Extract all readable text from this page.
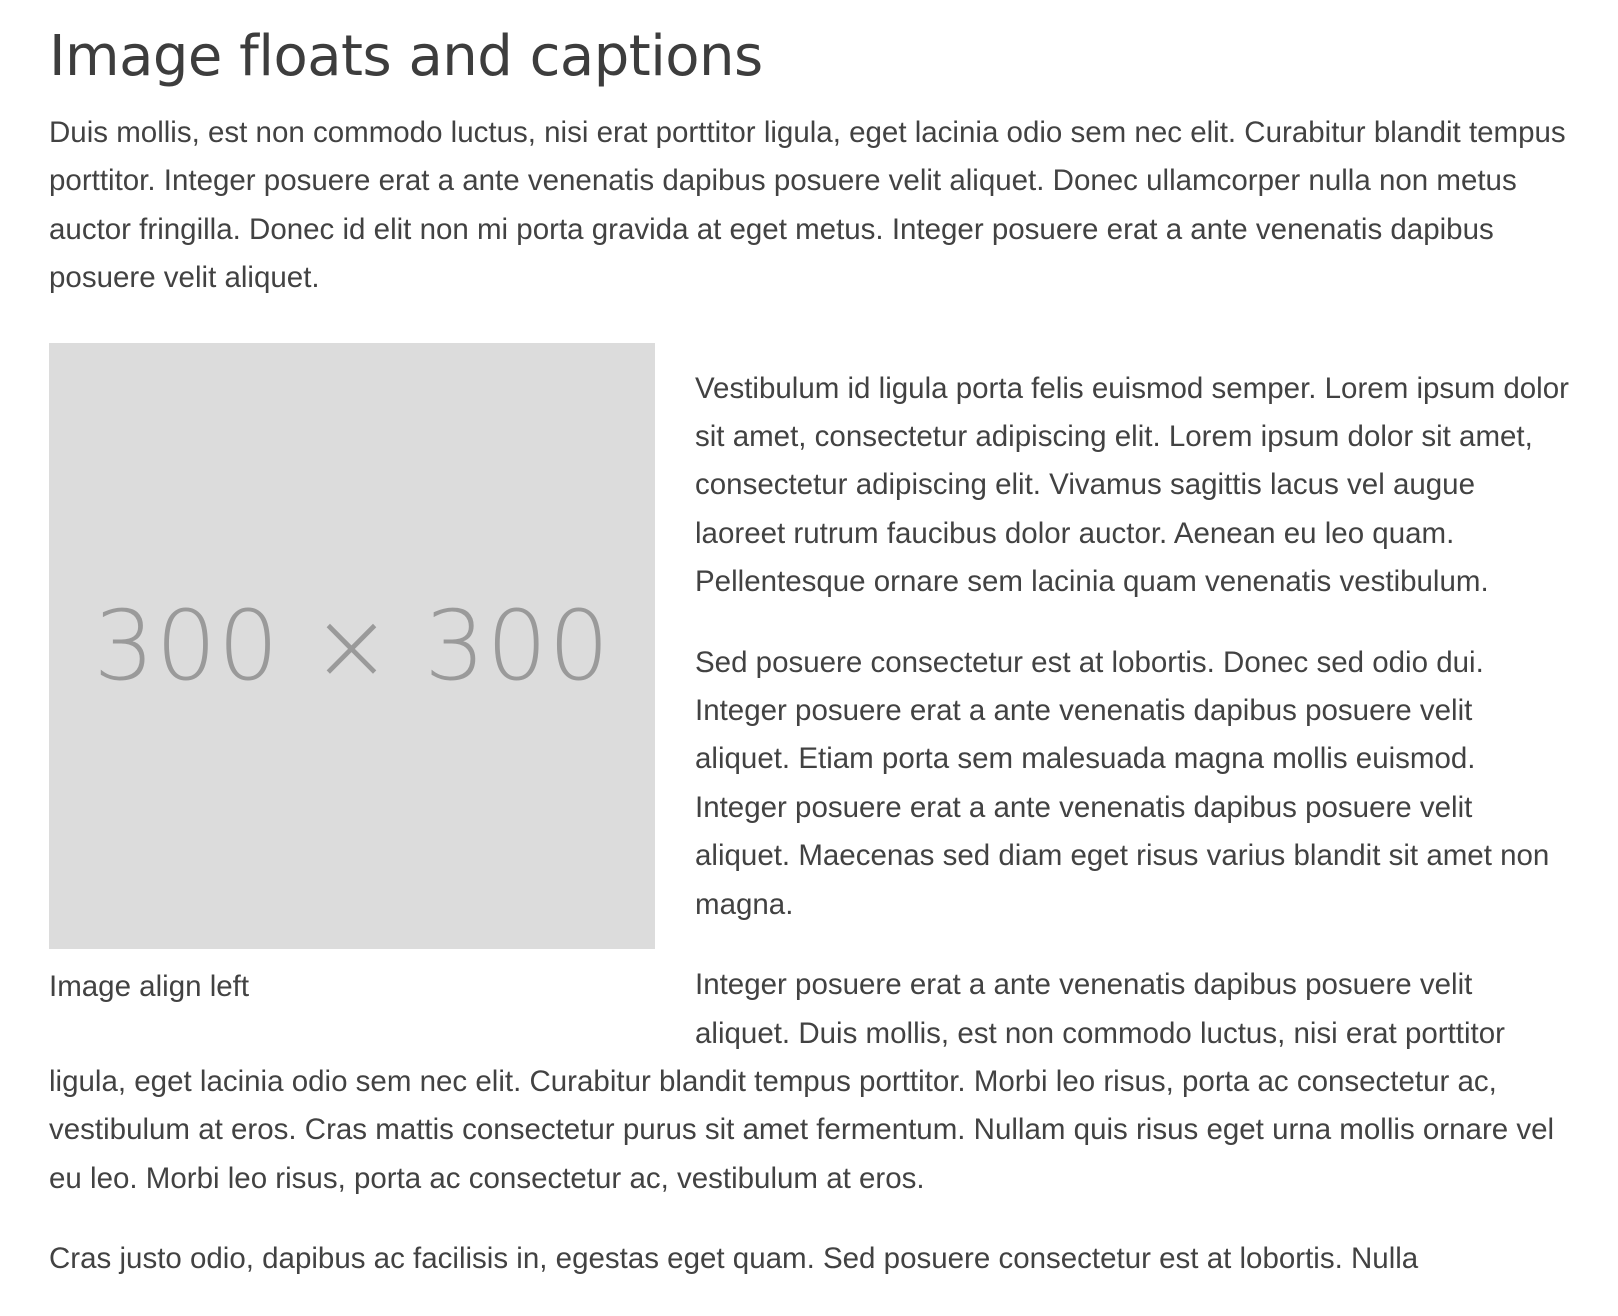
Image floats and captions

Duis mollis, est non commodo luctus, nisi erat porttitor ligula, eget lacinia odio sem nec elit. Curabitur blandit tempus porttitor. Integer posuere erat a ante venenatis dapibus posuere velit aliquet. Donec ullamcorper nulla non metus auctor fringilla. Donec id elit non mi porta gravida at eget metus. Integer posuere erat a ante venenatis dapibus posuere velit aliquet.

300 × 300
Image align left

Vestibulum id ligula porta felis euismod semper. Lorem ipsum dolor sit amet, consectetur adipiscing elit. Lorem ipsum dolor sit amet, consectetur adipiscing elit. Vivamus sagittis lacus vel augue laoreet rutrum faucibus dolor auctor. Aenean eu leo quam. Pellentesque ornare sem lacinia quam venenatis vestibulum.

Sed posuere consectetur est at lobortis. Donec sed odio dui. Integer posuere erat a ante venenatis dapibus posuere velit aliquet. Etiam porta sem malesuada magna mollis euismod. Integer posuere erat a ante venenatis dapibus posuere velit aliquet. Maecenas sed diam eget risus varius blandit sit amet non magna.

Integer posuere erat a ante venenatis dapibus posuere velit aliquet. Duis mollis, est non commodo luctus, nisi erat porttitor ligula, eget lacinia odio sem nec elit. Curabitur blandit tempus porttitor. Morbi leo risus, porta ac consectetur ac, vestibulum at eros. Cras mattis consectetur purus sit amet fermentum. Nullam quis risus eget urna mollis ornare vel eu leo. Morbi leo risus, porta ac consectetur ac, vestibulum at eros.

Cras justo odio, dapibus ac facilisis in, egestas eget quam. Sed posuere consectetur est at lobortis. Nulla
